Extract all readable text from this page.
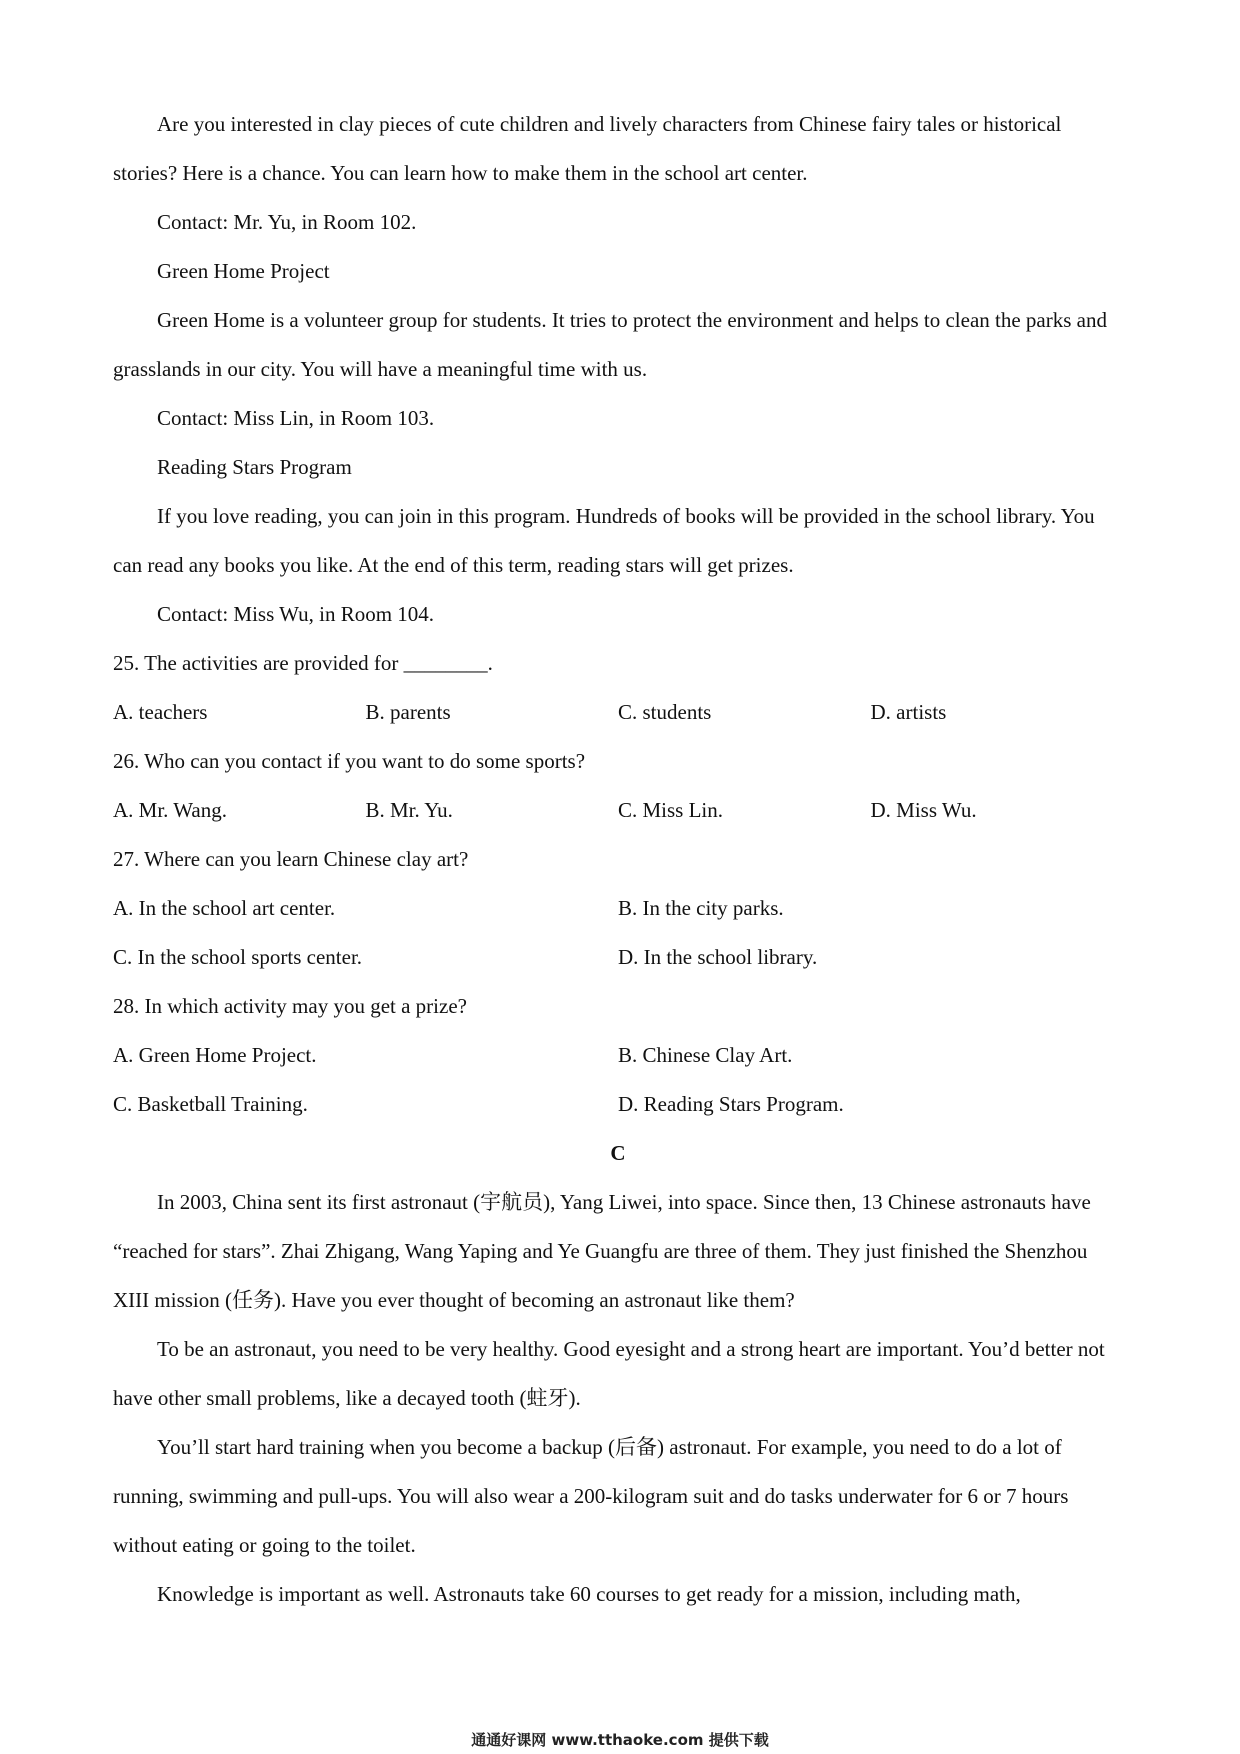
Are you interested in clay pieces of cute children and lively characters from Chinese fairy tales or historical stories? Here is a chance. You can learn how to make them in the school art center.
Contact: Mr. Yu, in Room 102.
Green Home Project
Green Home is a volunteer group for students. It tries to protect the environment and helps to clean the parks and grasslands in our city. You will have a meaningful time with us.
Contact: Miss Lin, in Room 103.
Reading Stars Program
If you love reading, you can join in this program. Hundreds of books will be provided in the school library. You can read any books you like. At the end of this term, reading stars will get prizes.
Contact: Miss Wu, in Room 104.
25. The activities are provided for ________.
A. teachers	B. parents	C. students	D. artists
26. Who can you contact if you want to do some sports?
A. Mr. Wang.	B. Mr. Yu.	C. Miss Lin.	D. Miss Wu.
27. Where can you learn Chinese clay art?
A. In the school art center.	B. In the city parks.
C. In the school sports center.	D. In the school library.
28. In which activity may you get a prize?
A. Green Home Project.	B. Chinese Clay Art.
C. Basketball Training.	D. Reading Stars Program.
C
In 2003, China sent its first astronaut (宇航员), Yang Liwei, into space. Since then, 13 Chinese astronauts have “reached for stars”. Zhai Zhigang, Wang Yaping and Ye Guangfu are three of them. They just finished the Shenzhou XIII mission (任务). Have you ever thought of becoming an astronaut like them?
To be an astronaut, you need to be very healthy. Good eyesight and a strong heart are important. You’d better not have other small problems, like a decayed tooth (蛀牙).
You’ll start hard training when you become a backup (后备) astronaut. For example, you need to do a lot of running, swimming and pull-ups. You will also wear a 200-kilogram suit and do tasks underwater for 6 or 7 hours without eating or going to the toilet.
Knowledge is important as well. Astronauts take 60 courses to get ready for a mission, including math,
通通好课网 www.tthaoke.com 提供下载
